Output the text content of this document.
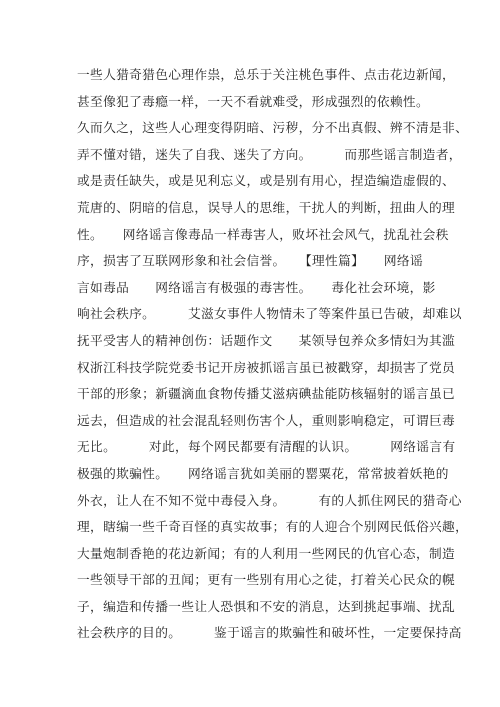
一些人猎奇猎色心理作祟，总乐于关注桃色事件、点击花边新闻，
甚至像犯了毒瘾一样，一天不看就难受，形成强烈的依赖性。
久而久之，这些人心理变得阴暗、污秽，分不出真假、辨不清是非、
弄不懂对错，迷失了自我、迷失了方向。　　　而那些谣言制造者，
或是责任缺失，或是见利忘义，或是别有用心，捏造编造虚假的、
荒唐的、阴暗的信息，误导人的思维，干扰人的判断，扭曲人的理
性。　　网络谣言像毒品一样毒害人，败坏社会风气，扰乱社会秩
序，损害了互联网形象和社会信誉。　　【理性篇】　　网络谣
言如毒品　　网络谣言有极强的毒害性。　　毒化社会环境，影
响社会秩序。　　　艾滋女事件人物情未了等案件虽已告破，却难以
抚平受害人的精神创伤：话题作文　　某领导包养众多情妇为其滥
权浙江科技学院党委书记开房被抓谣言虽已被戳穿，却损害了党员
干部的形象；新疆滴血食物传播艾滋病碘盐能防核辐射的谣言虽已
远去，但造成的社会混乱轻则伤害个人，重则影响稳定，可谓巨毒
无比。　　　对此，每个网民都要有清醒的认识。　　　网络谣言有
极强的欺骗性。　　网络谣言犹如美丽的罂粟花，常常披着妖艳的
外衣，让人在不知不觉中毒侵入身。　　　有的人抓住网民的猎奇心
理，瞎编一些千奇百怪的真实故事；有的人迎合个别网民低俗兴趣，
大量炮制香艳的花边新闻；有的人利用一些网民的仇官心态，制造
一些领导干部的丑闻；更有一些别有用心之徒，打着关心民众的幌
子，编造和传播一些让人恐惧和不安的消息，达到挑起事端、扰乱
社会秩序的目的。　　　鉴于谣言的欺骗性和破坏性，一定要保持高
